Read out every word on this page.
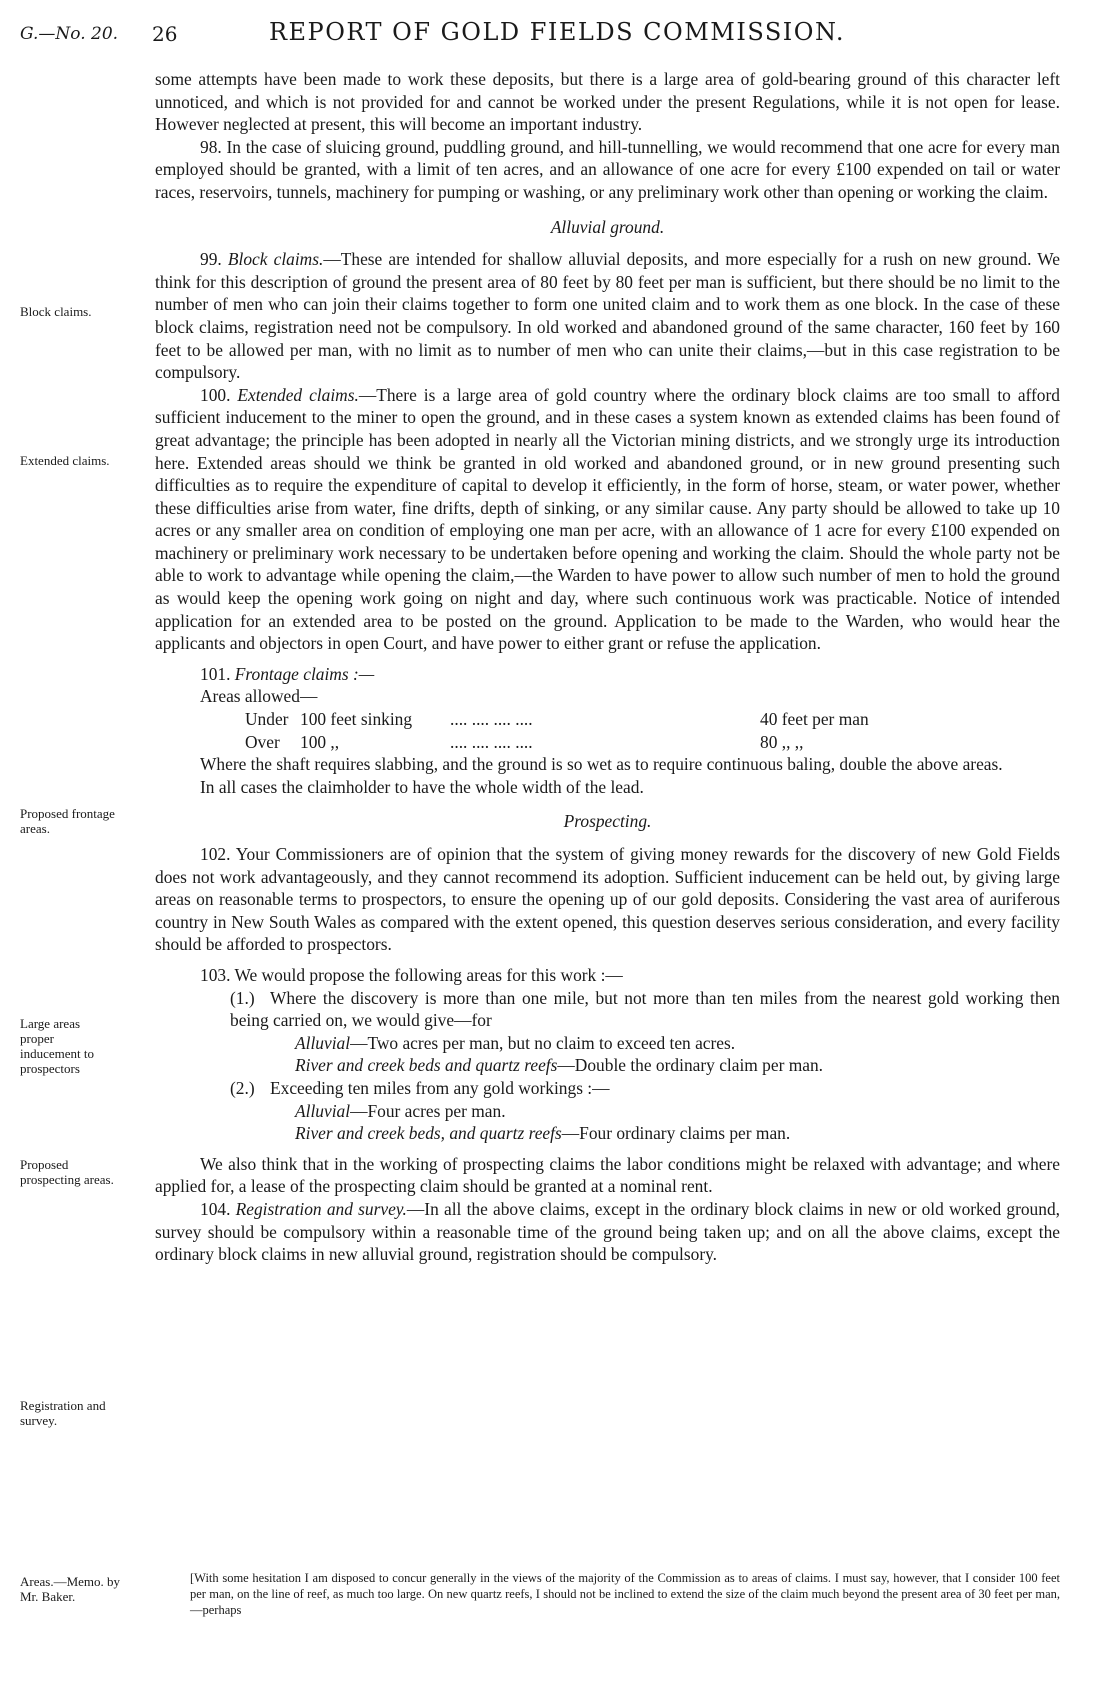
G.—No. 20. 26	REPORT OF GOLD FIELDS COMMISSION.
Block claims.
Extended claims.
Proposed frontage areas.
Large areas proper inducement to prospectors
Proposed prospecting areas.
Registration and survey.
Areas.—Memo. by Mr. Baker.

some attempts have been made to work these deposits, but there is a large area of gold-bearing ground of this character left unnoticed, and which is not provided for and cannot be worked under the present Regulations, while it is not open for lease. However neglected at present, this will become an important industry.

98. In the case of sluicing ground, puddling ground, and hill-tunnelling, we would recommend that one acre for every man employed should be granted, with a limit of ten acres, and an allowance of one acre for every £100 expended on tail or water races, reservoirs, tunnels, machinery for pumping or washing, or any preliminary work other than opening or working the claim.

Alluvial ground.

99. Block claims.—These are intended for shallow alluvial deposits, and more especially for a rush on new ground. We think for this description of ground the present area of 80 feet by 80 feet per man is sufficient, but there should be no limit to the number of men who can join their claims together to form one united claim and to work them as one block. In the case of these block claims, registration need not be compulsory. In old worked and abandoned ground of the same character, 160 feet by 160 feet to be allowed per man, with no limit as to number of men who can unite their claims,—but in this case registration to be compulsory.

100. Extended claims.—There is a large area of gold country where the ordinary block claims are too small to afford sufficient inducement to the miner to open the ground, and in these cases a system known as extended claims has been found of great advantage; the principle has been adopted in nearly all the Victorian mining districts, and we strongly urge its introduction here. Extended areas should we think be granted in old worked and abandoned ground, or in new ground presenting such difficulties as to require the expenditure of capital to develop it efficiently, in the form of horse, steam, or water power, whether these difficulties arise from water, fine drifts, depth of sinking, or any similar cause. Any party should be allowed to take up 10 acres or any smaller area on condition of employing one man per acre, with an allowance of 1 acre for every £100 expended on machinery or preliminary work necessary to be undertaken before opening and working the claim. Should the whole party not be able to work to advantage while opening the claim,—the Warden to have power to allow such number of men to hold the ground as would keep the opening work going on night and day, where such continuous work was practicable. Notice of intended application for an extended area to be posted on the ground. Application to be made to the Warden, who would hear the applicants and objectors in open Court, and have power to either grant or refuse the application.

101. Frontage claims :—

Areas allowed—

Under 100 feet sinking	.... .... .... ....	40 feet per man
Over	100 ,,	.... .... .... ....	80 ,, ,,

Where the shaft requires slabbing, and the ground is so wet as to require continuous baling, double the above areas.

In all cases the claimholder to have the whole width of the lead.

Prospecting.

102. Your Commissioners are of opinion that the system of giving money rewards for the discovery of new Gold Fields does not work advantageously, and they cannot recommend its adoption. Sufficient inducement can be held out, by giving large areas on reasonable terms to prospectors, to ensure the opening up of our gold deposits. Considering the vast area of auriferous country in New South Wales as compared with the extent opened, this question deserves serious consideration, and every facility should be afforded to prospectors.

103. We would propose the following areas for this work :—

(1.) Where the discovery is more than one mile, but not more than ten miles from the nearest gold working then being carried on, we would give—for

Alluvial—Two acres per man, but no claim to exceed ten acres.

River and creek beds and quartz reefs—Double the ordinary claim per man.

(2.) Exceeding ten miles from any gold workings :—

Alluvial—Four acres per man.

River and creek beds, and quartz reefs—Four ordinary claims per man.

We also think that in the working of prospecting claims the labor conditions might be relaxed with advantage; and where applied for, a lease of the prospecting claim should be granted at a nominal rent.

104. Registration and survey.—In all the above claims, except in the ordinary block claims in new or old worked ground, survey should be compulsory within a reasonable time of the ground being taken up; and on all the above claims, except the ordinary block claims in new alluvial ground, registration should be compulsory.

[With some hesitation I am disposed to concur generally in the views of the majority of the Commission as to areas of claims. I must say, however, that I consider 100 feet per man, on the line of reef, as much too large. On new quartz reefs, I should not be inclined to extend the size of the claim much beyond the present area of 30 feet per man,—perhaps
